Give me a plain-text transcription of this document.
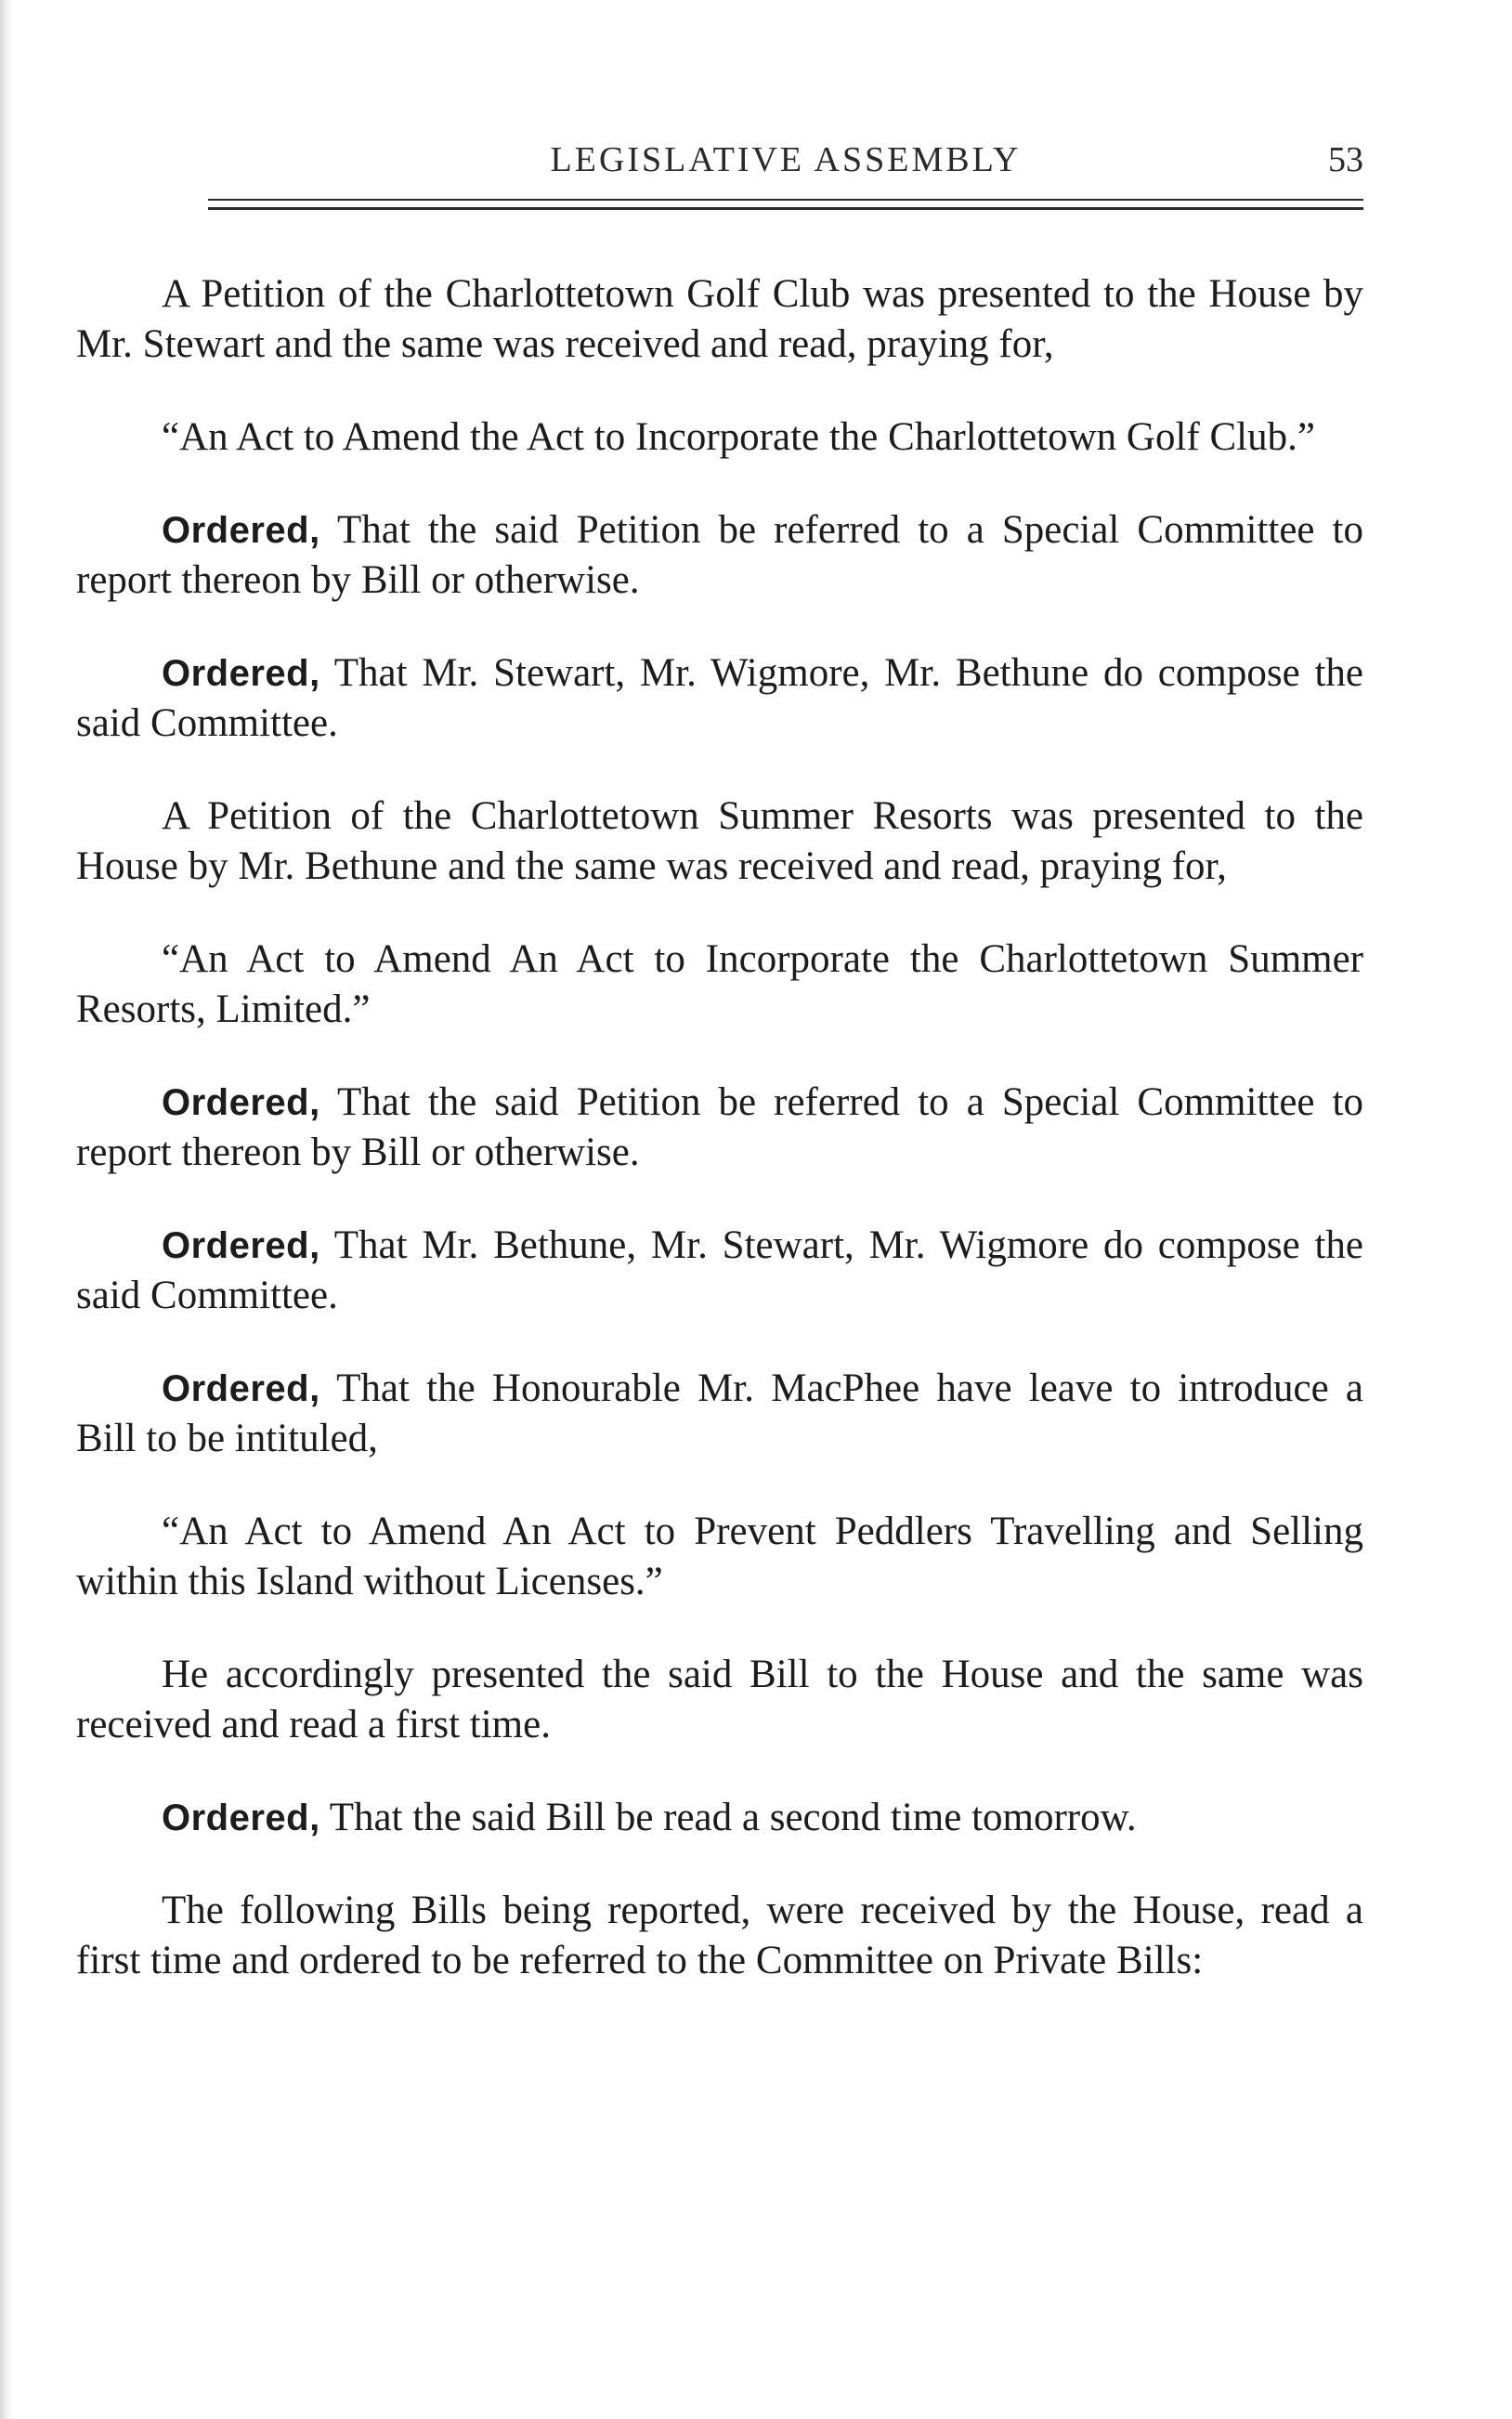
LEGISLATIVE ASSEMBLY	53

A Petition of the Charlottetown Golf Club was presented to the House by Mr. Stewart and the same was received and read, praying for,

“An Act to Amend the Act to Incorporate the Charlottetown Golf Club.”

Ordered, That the said Petition be referred to a Special Committee to report thereon by Bill or otherwise.

Ordered, That Mr. Stewart, Mr. Wigmore, Mr. Bethune do compose the said Committee.

A Petition of the Charlottetown Summer Resorts was presented to the House by Mr. Bethune and the same was received and read, praying for,

“An Act to Amend An Act to Incorporate the Charlottetown Summer Resorts, Limited.”

Ordered, That the said Petition be referred to a Special Committee to report thereon by Bill or otherwise.

Ordered, That Mr. Bethune, Mr. Stewart, Mr. Wigmore do compose the said Committee.

Ordered, That the Honourable Mr. MacPhee have leave to introduce a Bill to be intituled,

“An Act to Amend An Act to Prevent Peddlers Travelling and Selling within this Island without Licenses.”

He accordingly presented the said Bill to the House and the same was received and read a first time.

Ordered, That the said Bill be read a second time tomorrow.

The following Bills being reported, were received by the House, read a first time and ordered to be referred to the Committee on Private Bills:
